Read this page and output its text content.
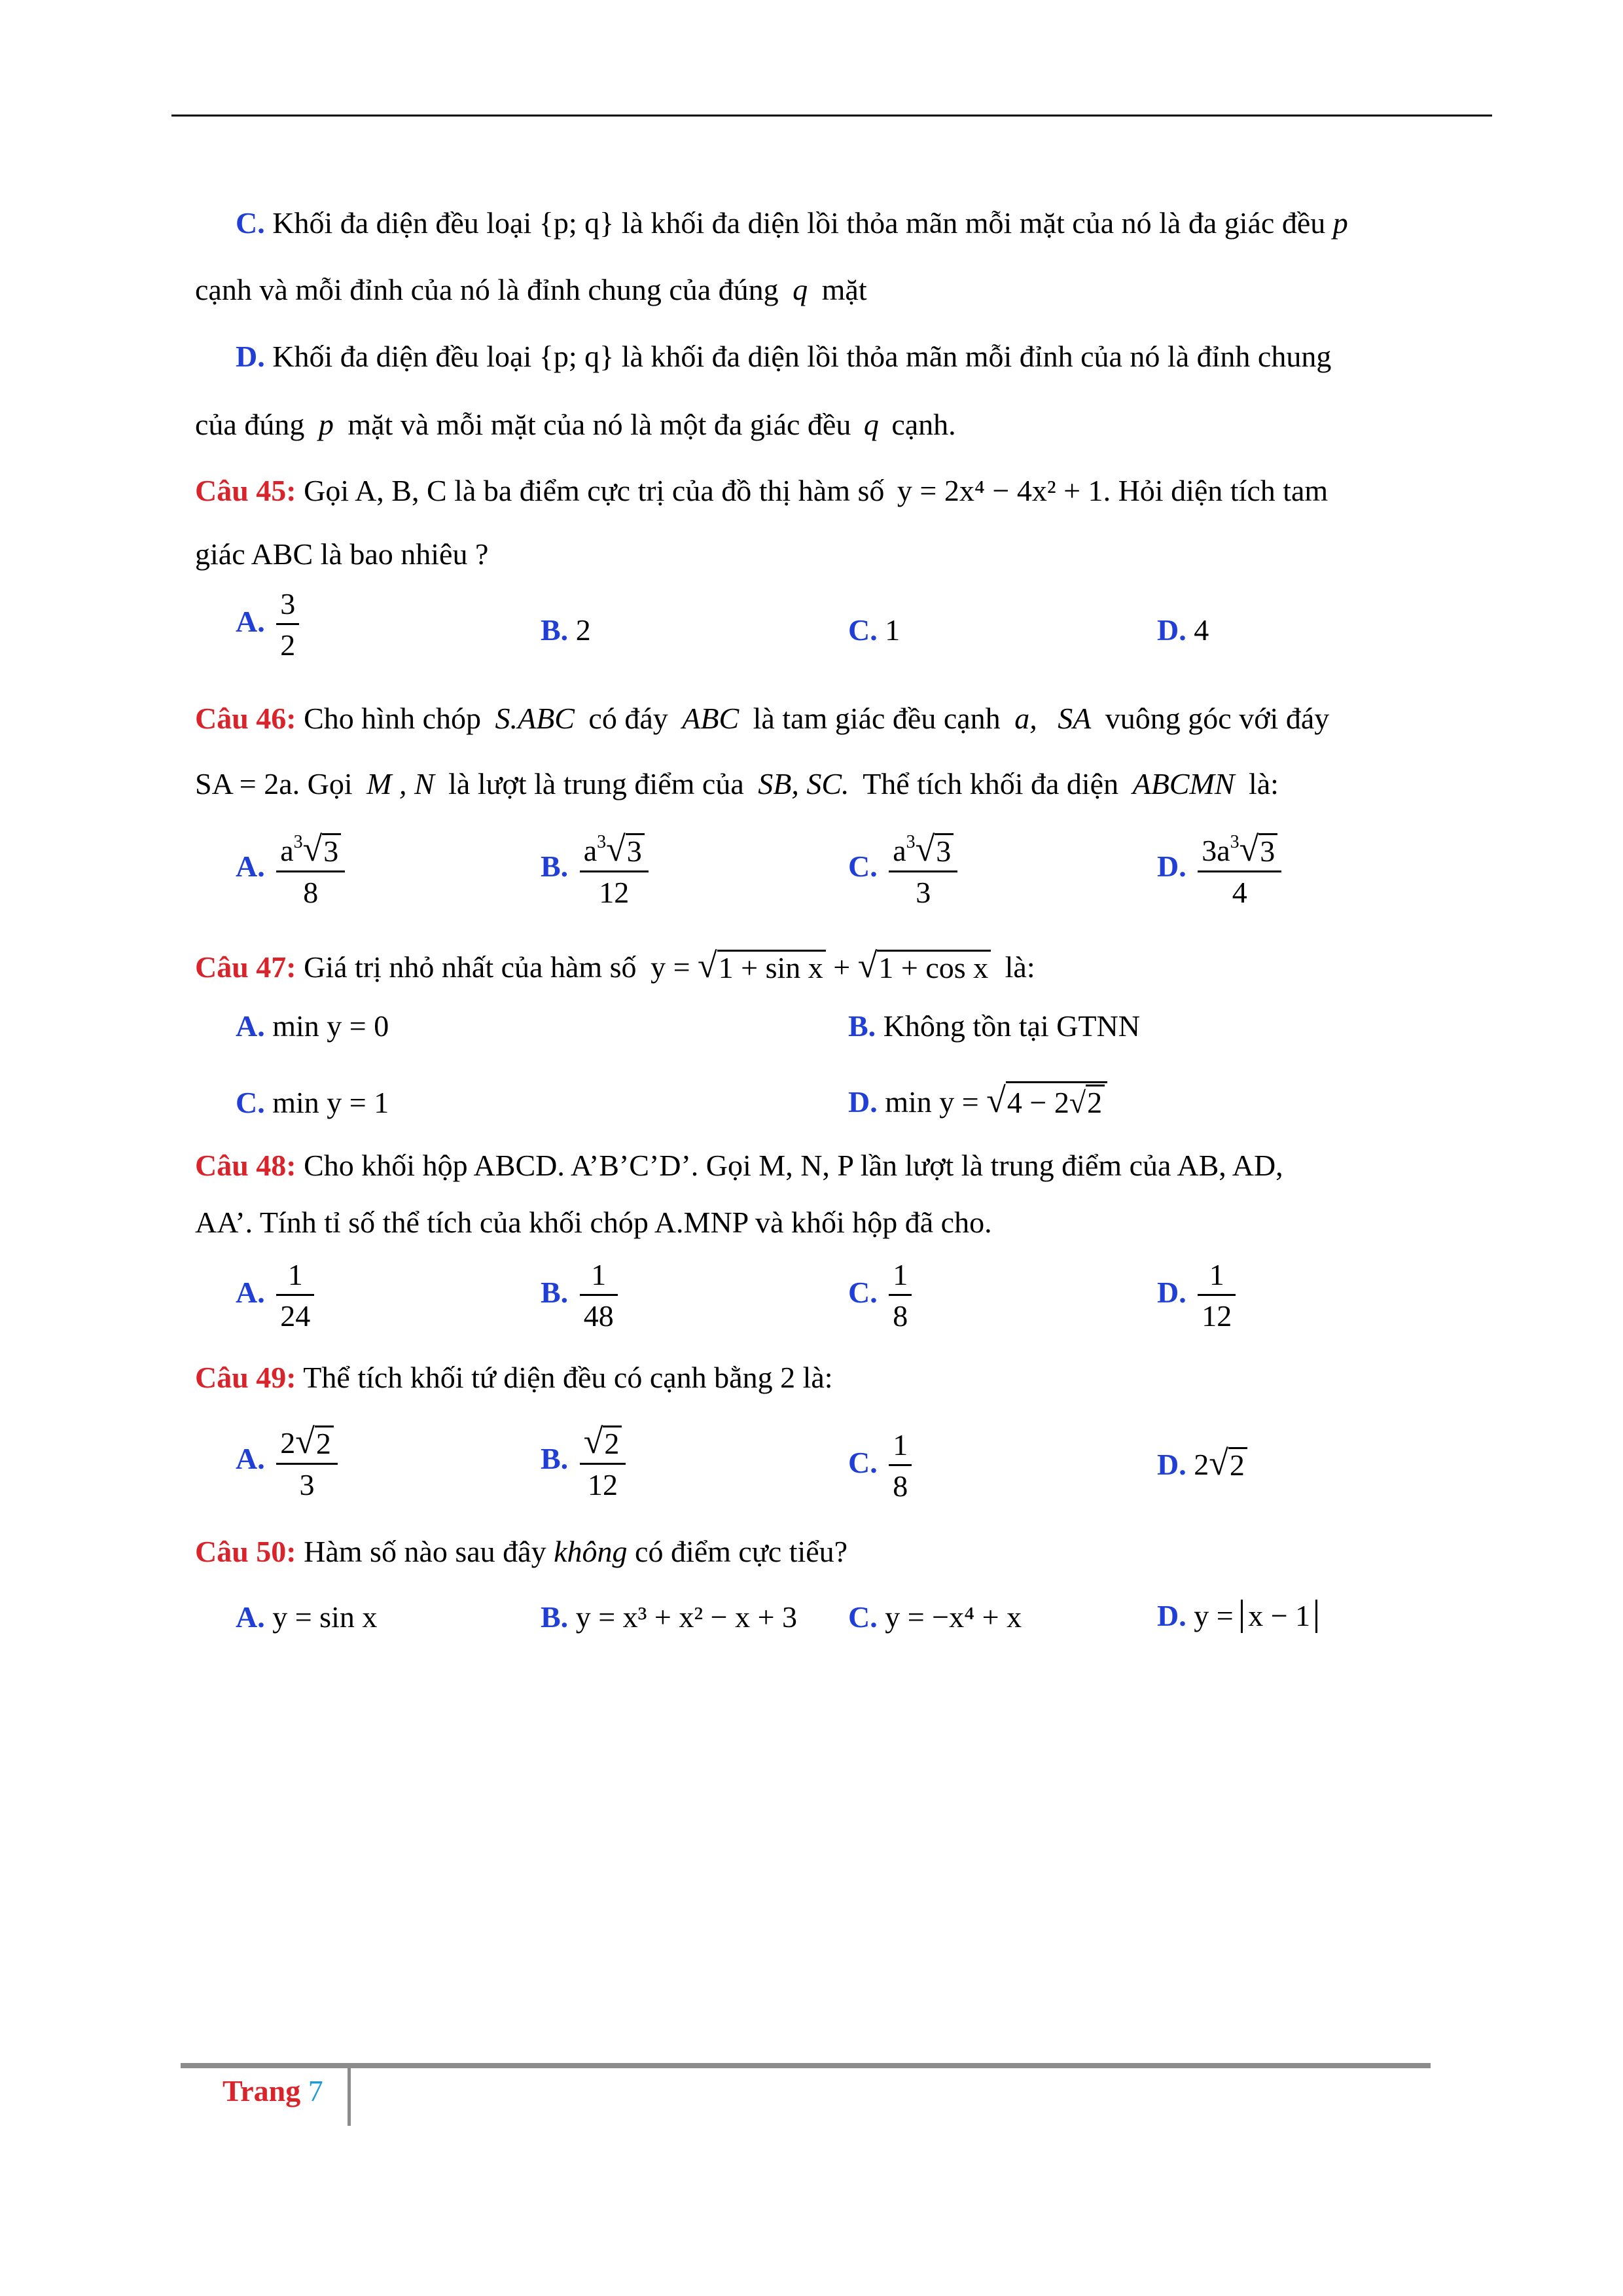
C. Khối đa diện đều loại {p; q} là khối đa diện lồi thỏa mãn mỗi mặt của nó là đa giác đều p
cạnh và mỗi đỉnh của nó là đỉnh chung của đúng q mặt
D. Khối đa diện đều loại {p; q} là khối đa diện lồi thỏa mãn mỗi đỉnh của nó là đỉnh chung
của đúng p mặt và mỗi mặt của nó là một đa giác đều q cạnh.
Câu 45: Gọi A, B, C là ba điểm cực trị của đồ thị hàm số y = 2x⁴ − 4x² + 1. Hỏi diện tích tam
giác ABC là bao nhiêu ?
A. $\frac{3}{2}$	B. 2	C. 1	D. 4
Câu 46: Cho hình chóp S.ABC có đáy ABC là tam giác đều cạnh a, SA vuông góc với đáy
SA = 2a. Gọi M , N là lượt là trung điểm của SB, SC. Thể tích khối đa diện ABCMN là:
A. $\frac{a^3 √ 3}{8}$	B. $\frac{a^3 √ 3}{12}$	C. $\frac{a^3 √ 3}{3}$	D. $\frac{3a^3 √ 3}{4}$
Câu 47: Giá trị nhỏ nhất của hàm số y = √ 1 + sin x + √ 1 + cos x là:
A. min y = 0	B. Không tồn tại GTNN
C. min y = 1	D. min y = √ 4 − 2 √ 2
Câu 48: Cho khối hộp ABCD. A’B’C’D’. Gọi M, N, P lần lượt là trung điểm của AB, AD,
AA’. Tính tỉ số thể tích của khối chóp A.MNP và khối hộp đã cho.
A. $\frac{1}{24}$	B. $\frac{1}{48}$	C. $\frac{1}{8}$	D. $\frac{1}{12}$
Câu 49: Thể tích khối tứ diện đều có cạnh bằng 2 là:
A. $\frac{2 √ 2}{3}$	B. $\frac{√ 2}{12}$	C. $\frac{1}{8}$	D. 2 √ 2
Câu 50: Hàm số nào sau đây không có điểm cực tiểu?
A. y = sin x	B. y = x³ + x² − x + 3 C. y = −x⁴ + x	D. y = x − 1
Trang 7
